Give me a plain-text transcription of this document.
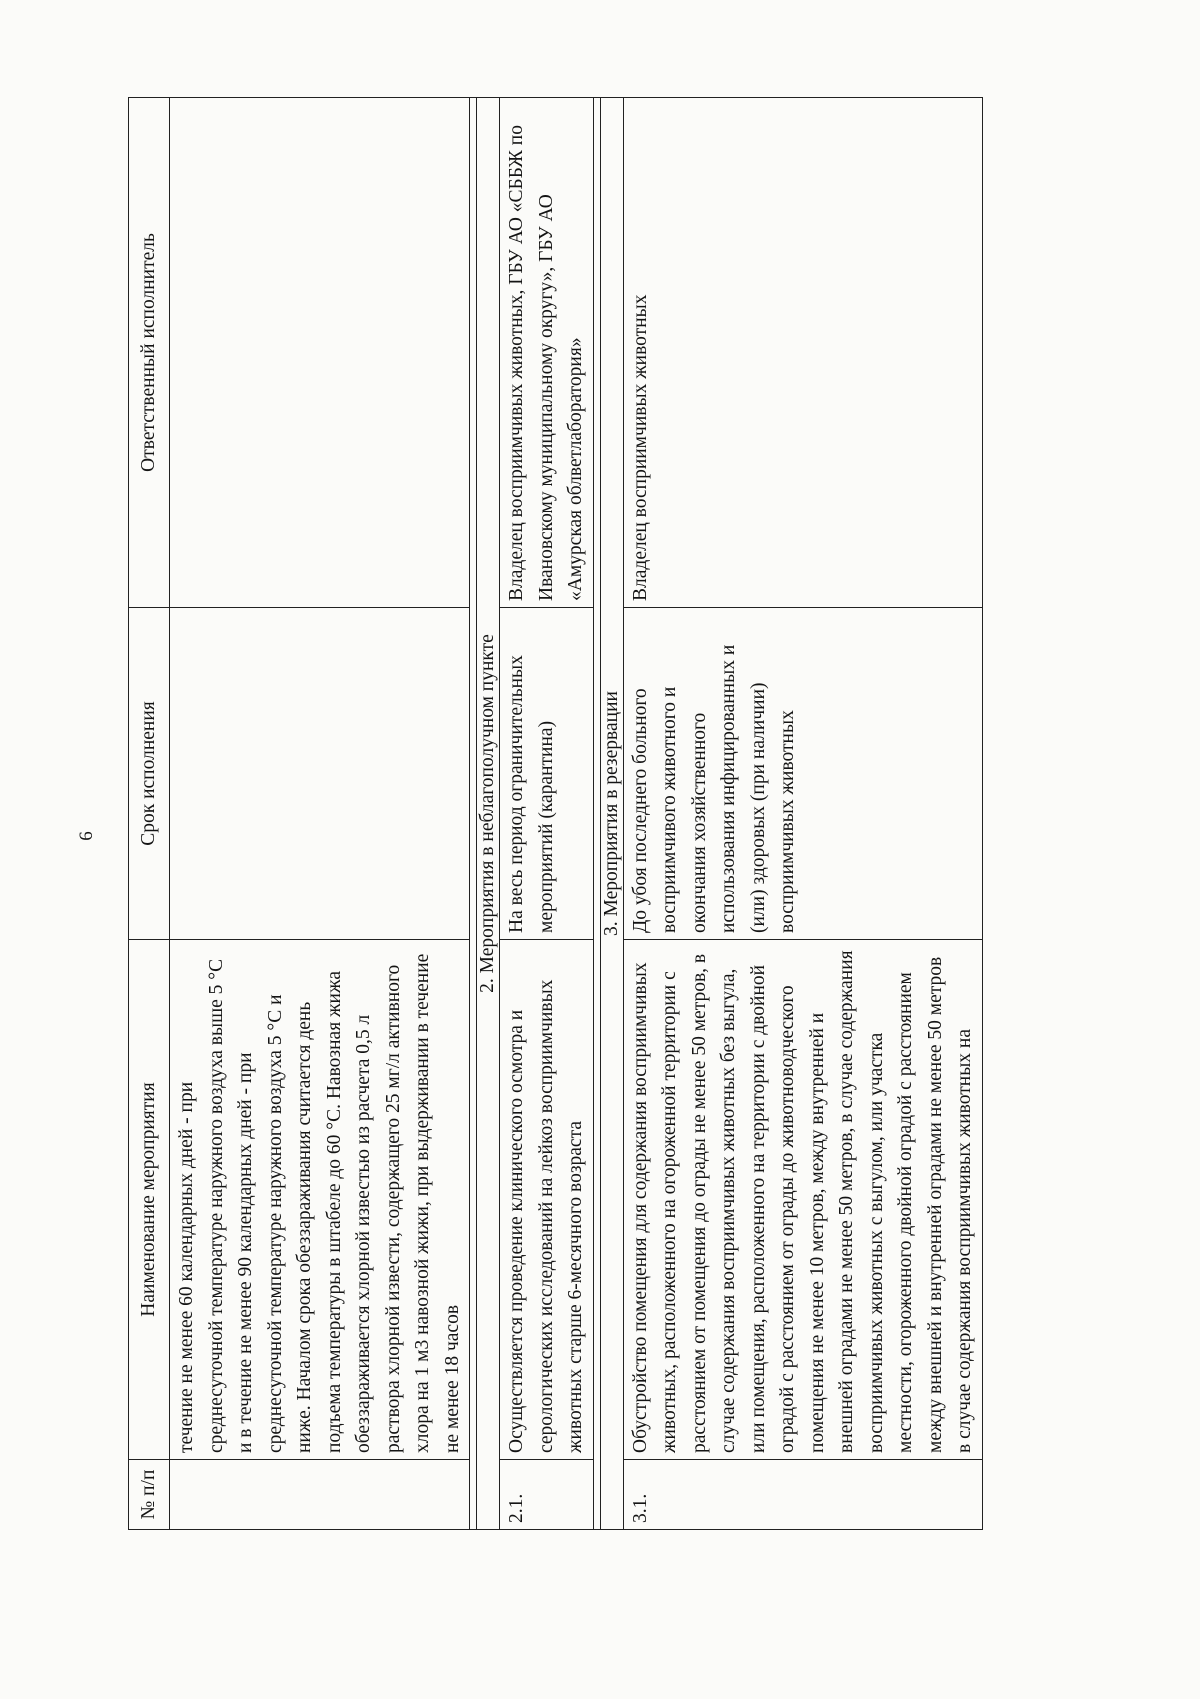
6
№ п/п	Наименование мероприятия	Срок исполнения	Ответственный исполнитель
	течение не менее 60 календарных дней - при среднесуточной температуре наружного воздуха выше 5 °С и в течение не менее 90 календарных дней - при среднесуточной температуре наружного воздуха 5 °С и ниже. Началом срока обеззараживания считается день подъема температуры в штабеле до 60 °С. Навозная жижа обеззараживается хлорной известью из расчета 0,5 л раствора хлорной извести, содержащего 25 мг/л активного хлора на 1 м3 навозной жижи, при выдерживании в течение не менее 18 часов		

2. Мероприятия в неблагополучном пункте			
2.1.	Осуществляется проведение клинического осмотра и серологических исследований на лейкоз восприимчивых животных старше 6-месячного возраста	На весь период ограничительных мероприятий (карантина)	Владелец восприимчивых животных, ГБУ АО «СББЖ по Ивановскому муниципальному округу», ГБУ АО «Амурская облветлаборатория»

3. Мероприятия в резервации			
3.1.	Обустройство помещения для содержания восприимчивых животных, расположенного на огороженной территории с расстоянием от помещения до ограды не менее 50 метров, в случае содержания восприимчивых животных без выгула, или помещения, расположенного на территории с двойной оградой с расстоянием от ограды до животноводческого помещения не менее 10 метров, между внутренней и внешней оградами не менее 50 метров, в случае содержания восприимчивых животных с выгулом, или участка местности, огороженного двойной оградой с расстоянием между внешней и внутренней оградами не менее 50 метров в случае содержания восприимчивых животных на	До убоя последнего больного восприимчивого животного и окончания хозяйственного использования инфицированных и (или) здоровых (при наличии) восприимчивых животных	Владелец восприимчивых животных
